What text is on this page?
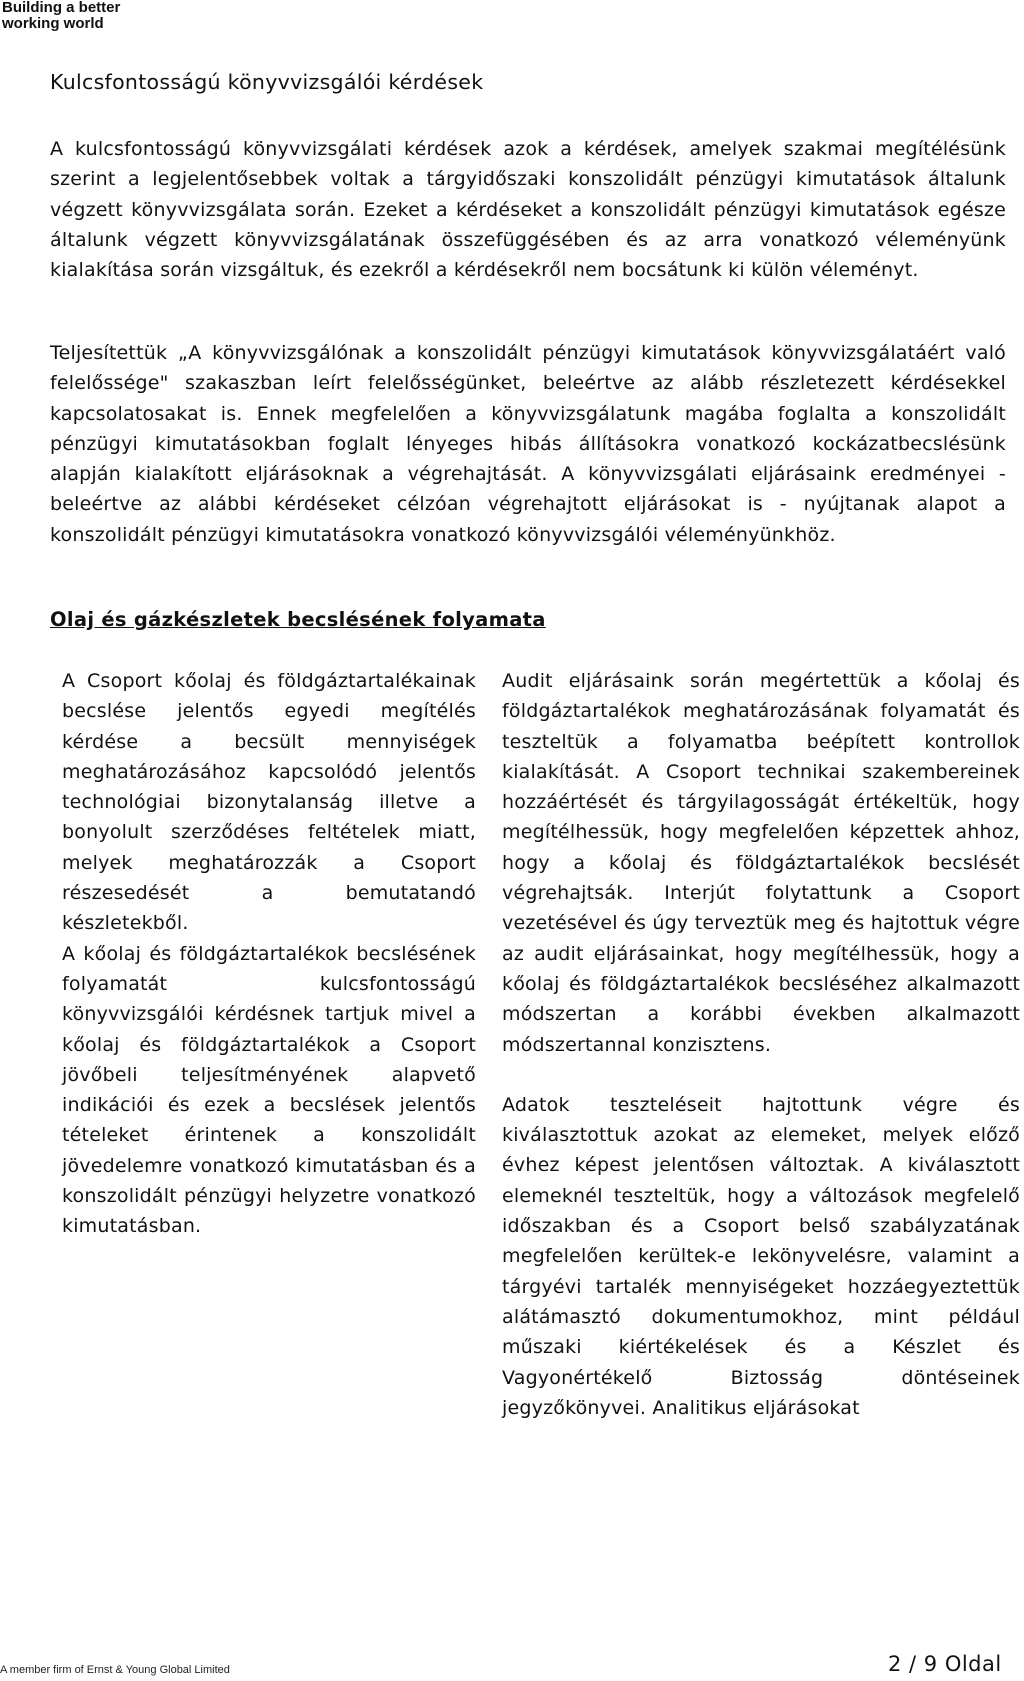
Building a better
working world
Kulcsfontosságú könyvvizsgálói kérdések

A kulcsfontosságú könyvvizsgálati kérdések azok a kérdések, amelyek szakmai megítélésünk szerint a legjelentősebbek voltak a tárgyidőszaki konszolidált pénzügyi kimutatások általunk végzett könyvvizsgálata során. Ezeket a kérdéseket a konszolidált pénzügyi kimutatások egésze általunk végzett könyvvizsgálatának összefüggésében és az arra vonatkozó véleményünk kialakítása során vizsgáltuk, és ezekről a kérdésekről nem bocsátunk ki külön véleményt.

Teljesítettük „A könyvvizsgálónak a konszolidált pénzügyi kimutatások könyvvizsgálatáért való felelőssége" szakaszban leírt felelősségünket, beleértve az alább részletezett kérdésekkel kapcsolatosakat is. Ennek megfelelően a könyvvizsgálatunk magába foglalta a konszolidált pénzügyi kimutatásokban foglalt lényeges hibás állításokra vonatkozó kockázatbecslésünk alapján kialakított eljárásoknak a végrehajtását. A könyvvizsgálati eljárásaink eredményei - beleértve az alábbi kérdéseket célzóan végrehajtott eljárásokat is - nyújtanak alapot a konszolidált pénzügyi kimutatásokra vonatkozó könyvvizsgálói véleményünkhöz.

Olaj és gázkészletek becslésének folyamata

A Csoport kőolaj és földgáztartalékainak becslése jelentős egyedi megítélés kérdése a becsült mennyiségek meghatározásához kapcsolódó jelentős technológiai bizonytalanság illetve a bonyolult szerződéses feltételek miatt, melyek meghatározzák a Csoport részesedését a bemutatandó készletekből.

A kőolaj és földgáztartalékok becslésének folyamatát kulcsfontosságú könyvvizsgálói kérdésnek tartjuk mivel a kőolaj és földgáztartalékok a Csoport jövőbeli teljesítményének alapvető indikációi és ezek a becslések jelentős tételeket érintenek a konszolidált jövedelemre vonatkozó kimutatásban és a konszolidált pénzügyi helyzetre vonatkozó kimutatásban.

Audit eljárásaink során megértettük a kőolaj és földgáztartalékok meghatározásának folyamatát és teszteltük a folyamatba beépített kontrollok kialakítását. A Csoport technikai szakembereinek hozzáértését és tárgyilagosságát értékeltük, hogy megítélhessük, hogy megfelelően képzettek ahhoz, hogy a kőolaj és földgáztartalékok becslését végrehajtsák. Interjút folytattunk a Csoport vezetésével és úgy terveztük meg és hajtottuk végre az audit eljárásainkat, hogy megítélhessük, hogy a kőolaj és földgáztartalékok becsléséhez alkalmazott módszertan a korábbi években alkalmazott módszertannal konzisztens.

Adatok teszteléseit hajtottunk végre és kiválasztottuk azokat az elemeket, melyek előző évhez képest jelentősen változtak. A kiválasztott elemeknél teszteltük, hogy a változások megfelelő időszakban és a Csoport belső szabályzatának megfelelően kerültek-e lekönyvelésre, valamint a tárgyévi tartalék mennyiségeket hozzáegyeztettük alátámasztó dokumentumokhoz, mint például műszaki kiértékelések és a Készlet és Vagyonértékelő Biztosság döntéseinek jegyzőkönyvei. Analitikus eljárásokat

2 / 9 Oldal
A member firm of Ernst & Young Global Limited
